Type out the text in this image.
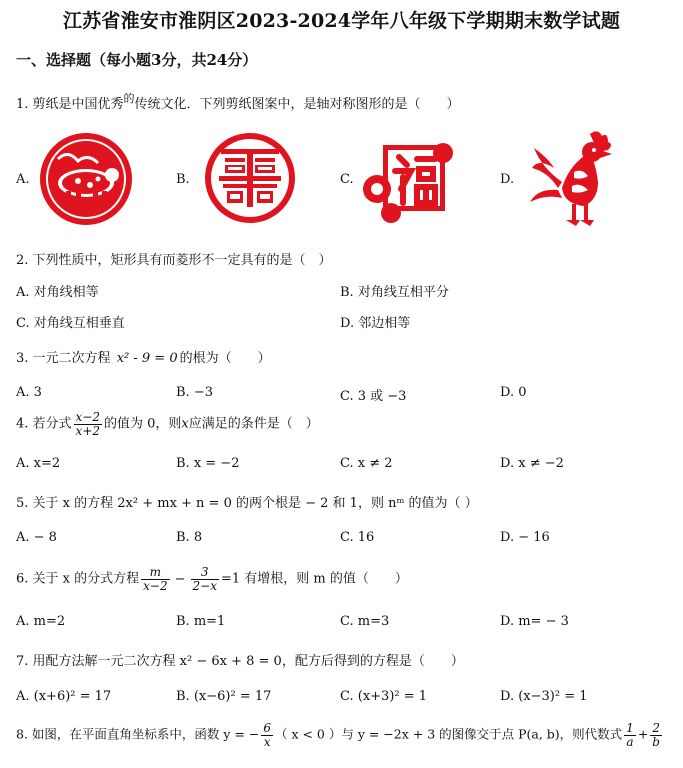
江苏省淮安市淮阴区2023-2024学年八年级下学期期末数学试题
一、选择题（每小题3分，共24分）
1. 剪纸是中国优秀$^的$传统文化．下列剪纸图案中，是轴对称图形的是（　　）
A.	B.	C.	D.
2. 下列性质中，矩形具有而菱形不一定具有的是（　）
A. 对角线相等	B. 对角线互相平分
C. 对角线互相垂直	D. 邻边相等
3. 一元二次方程 x² - 9 = 0 的根为（　　）
A. 3	B. −3	C. 3 或 −3	D. 0
4. 若分式 $\frac{x-2}{x+2}$ 的值为 0，则x应满足的条件是（　）
A. x=2	B. x = −2	C. x ≠ 2	D. x ≠ −2
5. 关于 x 的方程 2x² + mx + n = 0 的两个根是 − 2 和 1，则 nᵐ 的值为（ ）
A. − 8	B. 8	C. 16	D. − 16
6. 关于 x 的分式方程 $\frac{m}{x-2} - \frac{3}{2-x} =1$ 有增根，则 m 的值（　　）
A. m=2	B. m=1	C. m=3	D. m= − 3
7. 用配方法解一元二次方程 x² − 6x + 8 = 0，配方后得到的方程是（　　）
A. (x+6)² = 17	B. (x−6)² = 17	C. (x+3)² = 1	D. (x−3)² = 1
8. 如图，在平面直角坐标系中，函数 y = − $\frac{6}{x}$ （ x < 0 ）与 y = −2x + 3 的图像交于点 P(a, b)，则代数式 $\frac{1}{a} + \frac{2}{b}$
